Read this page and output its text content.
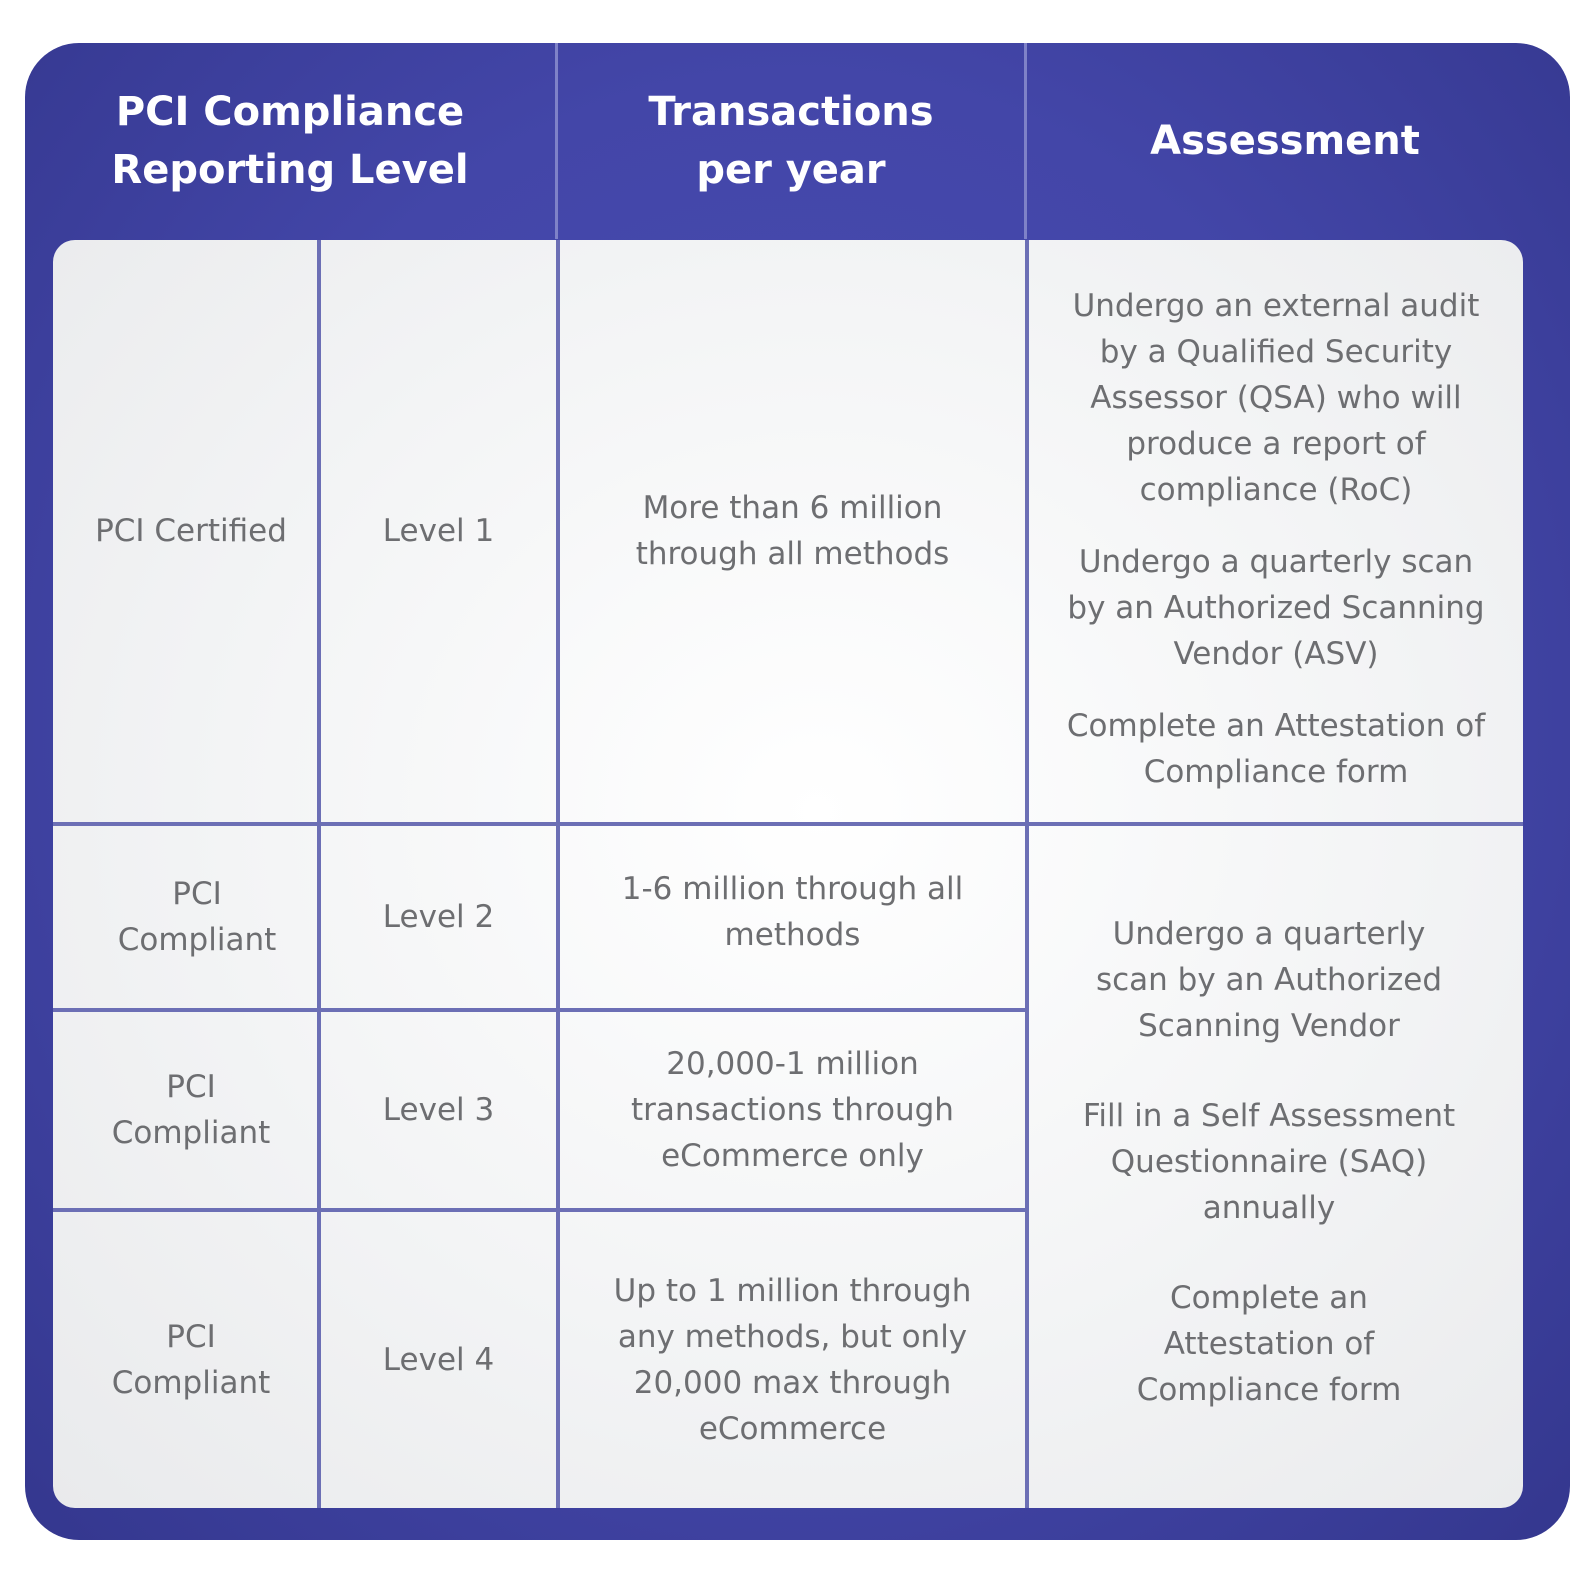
PCI Compliance
Reporting Level
Transactions
per year
Assessment
PCI Certified	Level 1
More than 6 million
through all methods
Undergo an external audit
by a Qualified Security
Assessor (QSA) who will
produce a report of
compliance (RoC)
Undergo a quarterly scan
by an Authorized Scanning
Vendor (ASV)
Complete an Attestation of
Compliance form
PCI
Compliant
Level 2
1-6 million through all
methods
PCI
Compliant
Level 3
20,000-1 million
transactions through
eCommerce only
PCI
Compliant
Level 4
Up to 1 million through
any methods, but only
20,000 max through
eCommerce
Undergo a quarterly
scan by an Authorized
Scanning Vendor
Fill in a Self Assessment
Questionnaire (SAQ)
annually
Complete an
Attestation of
Compliance form
